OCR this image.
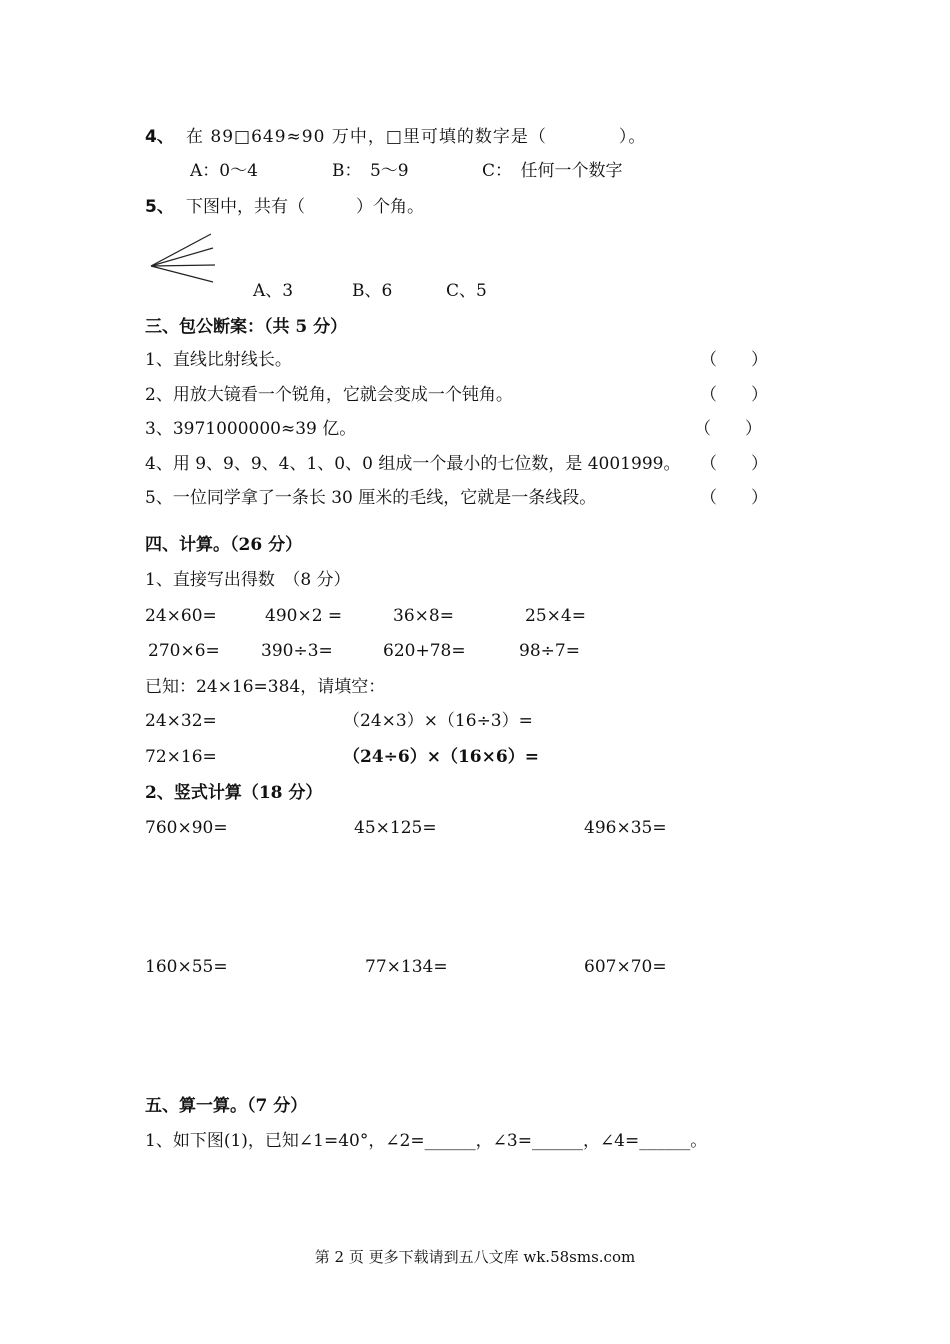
4、 在 89□649≈90 万中，□里可填的数字是（　　　　）。
A：0～4	B：　5～9	C：　任何一个数字
5、 下图中，共有（　　　）个角。
A、3	B、6	C、5
三、包公断案：（共 5 分）
1、直线比射线长。	（　　）
2、用放大镜看一个锐角，它就会变成一个钝角。	（　　）
3、3971000000≈39 亿。	（　　）
4、用 9、9、9、4、1、0、0 组成一个最小的七位数，是 4001999。 （　　）
5、一位同学拿了一条长 30 厘米的毛线，它就是一条线段。	（　　）
四、计算。（26 分）
1、直接写出得数　（8 分）
24×60=	490×2 =	36×8=	25×4=
270×6= 390÷3=	620+78=	98÷7=
已知：24×16=384，请填空：
24×32=	（24×3）×（16÷3）=
72×16=	（24÷6）×（16×6）=
2、竖式计算（18 分）
760×90=	45×125=	496×35=
160×55=	77×134=	607×70=
五、算一算。（7 分）
1、如下图(1)，已知∠1=40°，∠2=______，∠3=______，∠4=______。
第 2 页 更多下载请到五八文库 wk.58sms.com
